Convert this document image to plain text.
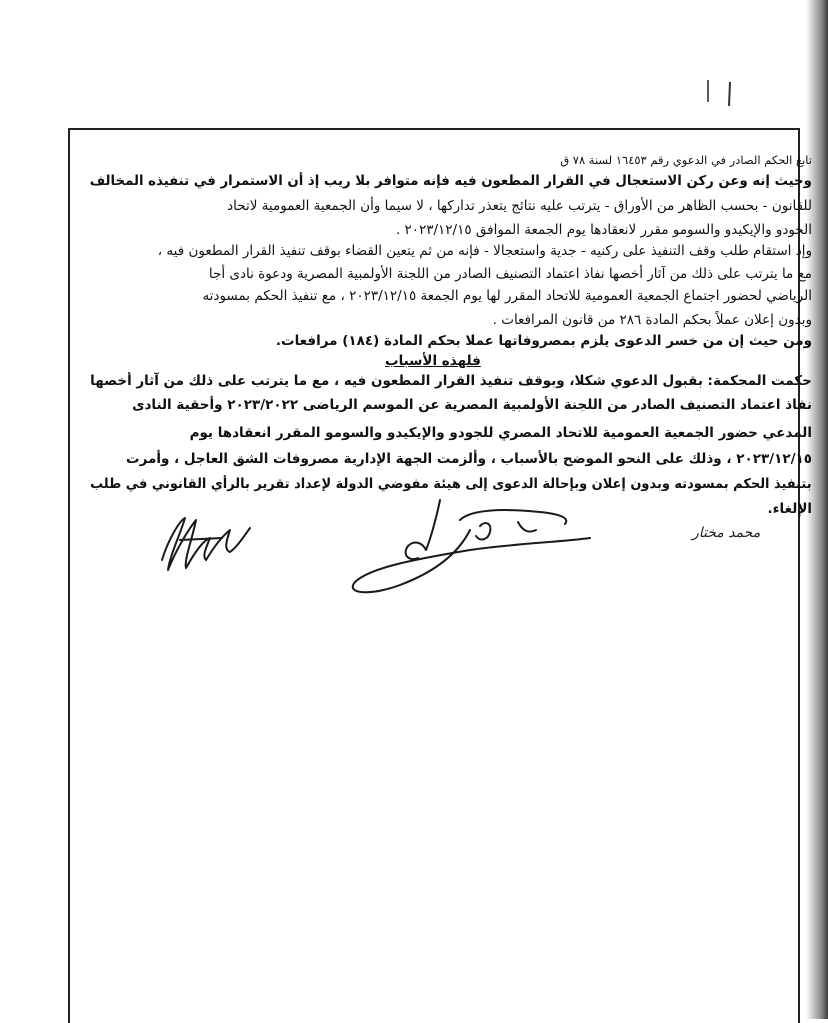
تابع الحكم الصادر في الدعوي رقم ١٦٤٥٣ لسنة ٧٨ ق
وحيث إنه وعن ركن الاستعجال في القرار المطعون فيه فإنه متوافر بلا ريب إذ أن الاستمرار في تنفيذه المخالف
للقانون - بحسب الظاهر من الأوراق - يترتب عليه نتائج يتعذر تداركها ، لا سيما وأن الجمعية العمومية لاتحاد
الجودو والإيكيدو والسومو مقرر لانعقادها يوم الجمعة الموافق ٢٠٢٣/١٢/١٥ .
وإذ استقام طلب وقف التنفيذ على ركنيه - جدية واستعجالا - فإنه من ثم يتعين القضاء بوقف تنفيذ القرار المطعون فيه ،
مع ما يترتب على ذلك من آثار أخصها نفاذ اعتماد التصنيف الصادر من اللجنة الأولمبية المصرية ودعوة نادى أجا
الرياضي لحضور اجتماع الجمعية العمومية للاتحاد المقرر لها يوم الجمعة ٢٠٢٣/١٢/١٥ ، مع تنفيذ الحكم بمسودته
وبدون إعلان عملاً بحكم المادة ٢٨٦ من قانون المرافعات .
ومن حيث إن من خسر الدعوى يلزم بمصروفاتها عملا بحكم المادة (١٨٤) مرافعات.
حكمت المحكمة: بقبول الدعوي شكلا، وبوقف تنفيذ القرار المطعون فيه ، مع ما يترتب على ذلك من آثار أخصها
نفاذ اعتماد التصنيف الصادر من اللجنة الأولمبية المصرية عن الموسم الرياضى ٢٠٢٣/٢٠٢٢ وأحقية النادى
المدعي حضور الجمعية العمومية للاتحاد المصري للجودو والإيكيدو والسومو المقرر انعقادها يوم
٢٠٢٣/١٢/١٥ ، وذلك على النحو الموضح بالأسباب ، وألزمت الجهة الإدارية مصروفات الشق العاجل ، وأمرت
بتنفيذ الحكم بمسودته وبدون إعلان وبإحالة الدعوى إلى هيئة مفوضي الدولة لإعداد تقرير بالرأي القانوني في طلب
الإلغاء.
فلهذه الأسباب
محمد مختار
